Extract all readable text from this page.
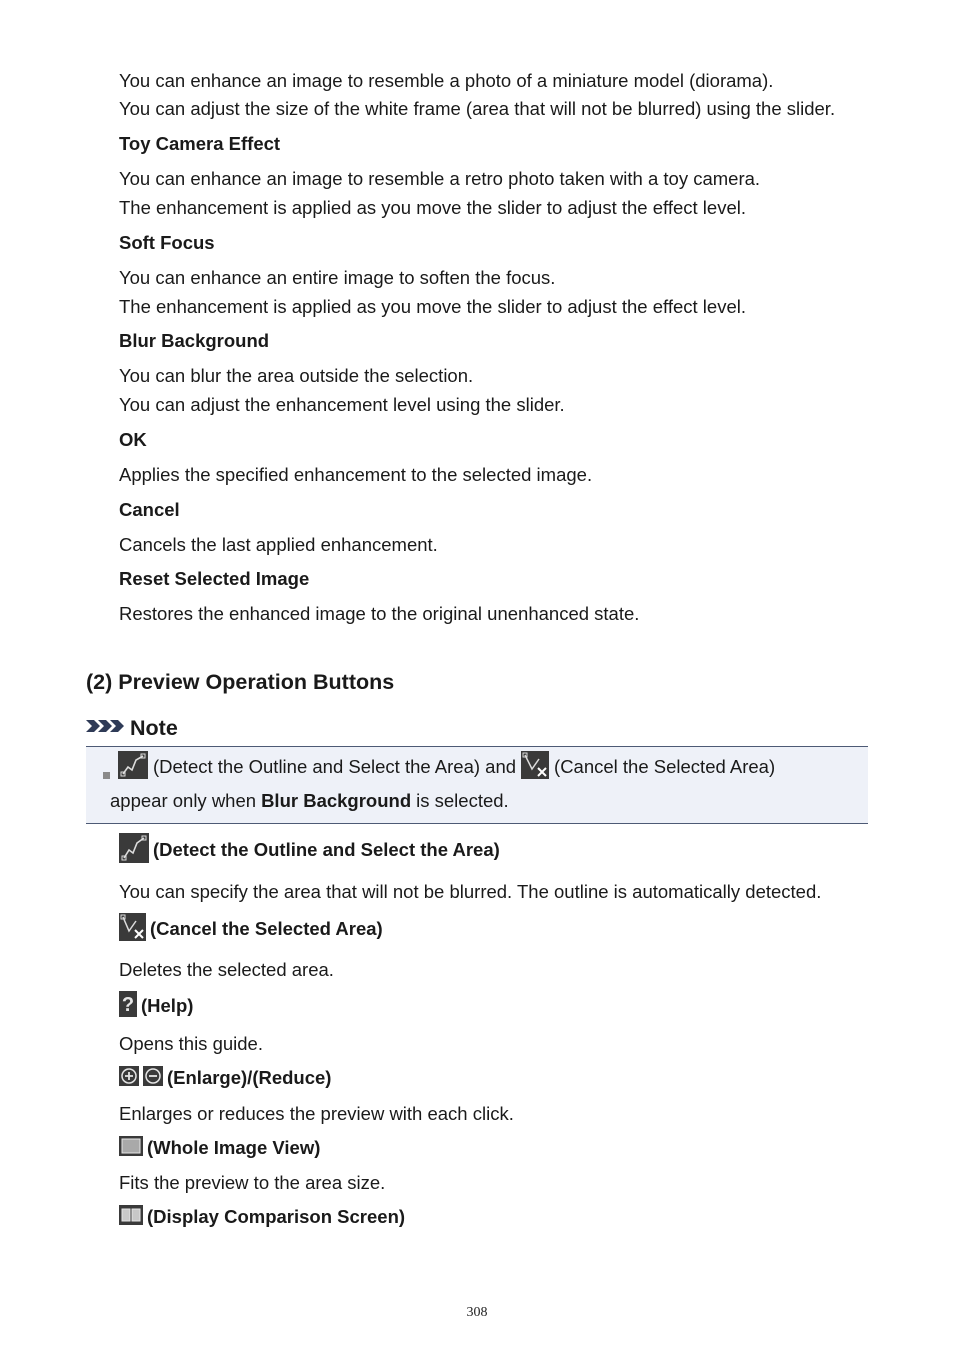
You can enhance an image to resemble a photo of a miniature model (diorama).
You can adjust the size of the white frame (area that will not be blurred) using the slider.
Toy Camera Effect
You can enhance an image to resemble a retro photo taken with a toy camera.
The enhancement is applied as you move the slider to adjust the effect level.
Soft Focus
You can enhance an entire image to soften the focus.
The enhancement is applied as you move the slider to adjust the effect level.
Blur Background
You can blur the area outside the selection.
You can adjust the enhancement level using the slider.
OK
Applies the specified enhancement to the selected image.
Cancel
Cancels the last applied enhancement.
Reset Selected Image
Restores the enhanced image to the original unenhanced state.
(2) Preview Operation Buttons
Note
(Detect the Outline and Select the Area) and (Cancel the Selected Area)
appear only when Blur Background is selected.
(Detect the Outline and Select the Area)
You can specify the area that will not be blurred. The outline is automatically detected.
(Cancel the Selected Area)
Deletes the selected area.
? (Help)
Opens this guide.
(Enlarge)/(Reduce)
Enlarges or reduces the preview with each click.
(Whole Image View)
Fits the preview to the area size.
(Display Comparison Screen)
308
